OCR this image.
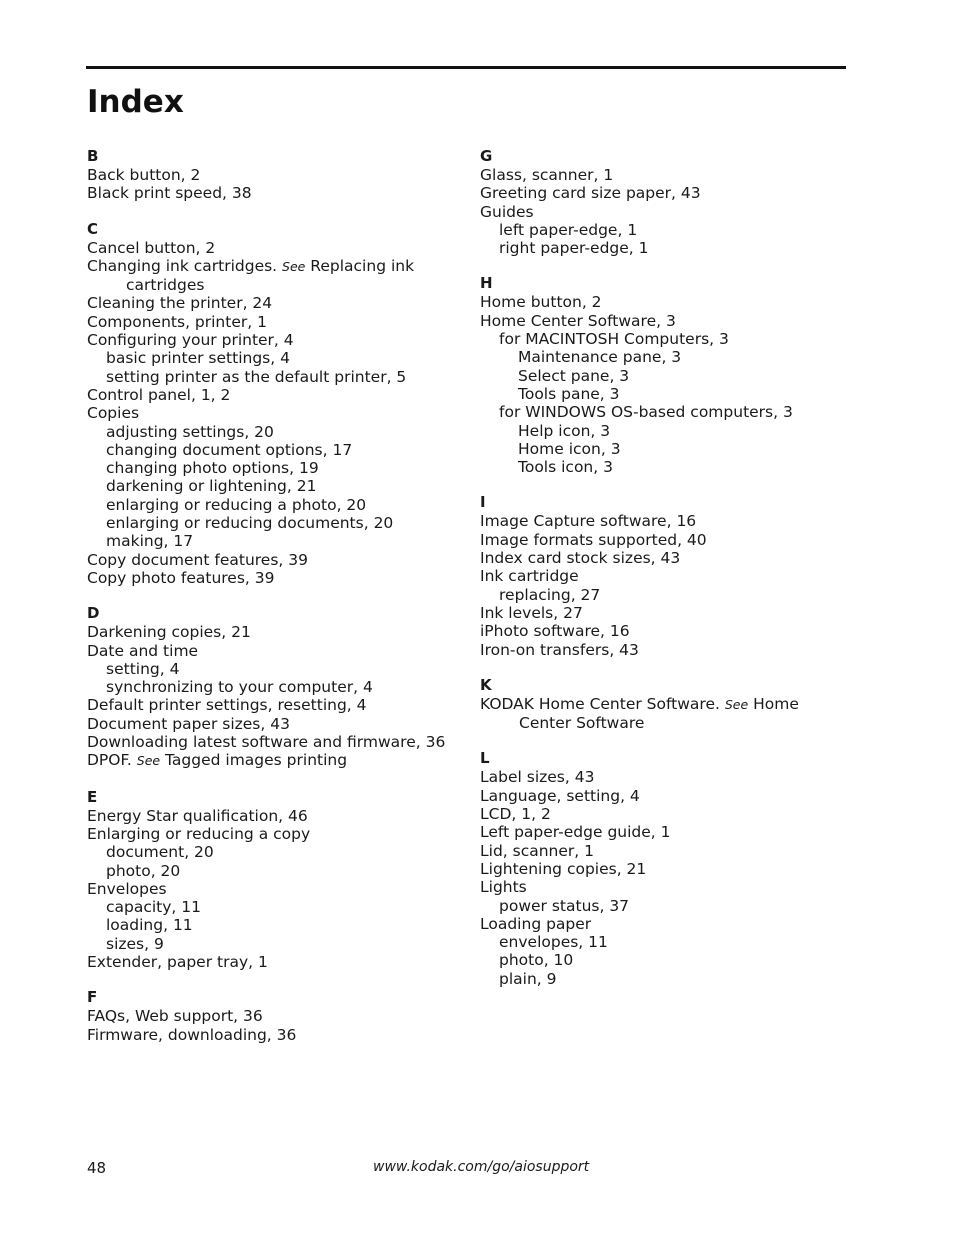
Index
B
Back button, 2
Black print speed, 38
C
Cancel button, 2
Changing ink cartridges. See Replacing ink
cartridges
Cleaning the printer, 24
Components, printer, 1
Configuring your printer, 4
basic printer settings, 4
setting printer as the default printer, 5
Control panel, 1, 2
Copies
adjusting settings, 20
changing document options, 17
changing photo options, 19
darkening or lightening, 21
enlarging or reducing a photo, 20
enlarging or reducing documents, 20
making, 17
Copy document features, 39
Copy photo features, 39
D
Darkening copies, 21
Date and time
setting, 4
synchronizing to your computer, 4
Default printer settings, resetting, 4
Document paper sizes, 43
Downloading latest software and firmware, 36
DPOF. See Tagged images printing
E
Energy Star qualification, 46
Enlarging or reducing a copy
document, 20
photo, 20
Envelopes
capacity, 11
loading, 11
sizes, 9
Extender, paper tray, 1
F
FAQs, Web support, 36
Firmware, downloading, 36
G
Glass, scanner, 1
Greeting card size paper, 43
Guides
left paper-edge, 1
right paper-edge, 1
H
Home button, 2
Home Center Software, 3
for MACINTOSH Computers, 3
Maintenance pane, 3
Select pane, 3
Tools pane, 3
for WINDOWS OS-based computers, 3
Help icon, 3
Home icon, 3
Tools icon, 3
I
Image Capture software, 16
Image formats supported, 40
Index card stock sizes, 43
Ink cartridge
replacing, 27
Ink levels, 27
iPhoto software, 16
Iron-on transfers, 43
K
KODAK Home Center Software. See Home
Center Software
L
Label sizes, 43
Language, setting, 4
LCD, 1, 2
Left paper-edge guide, 1
Lid, scanner, 1
Lightening copies, 21
Lights
power status, 37
Loading paper
envelopes, 11
photo, 10
plain, 9
48	www.kodak.com/go/aiosupport
